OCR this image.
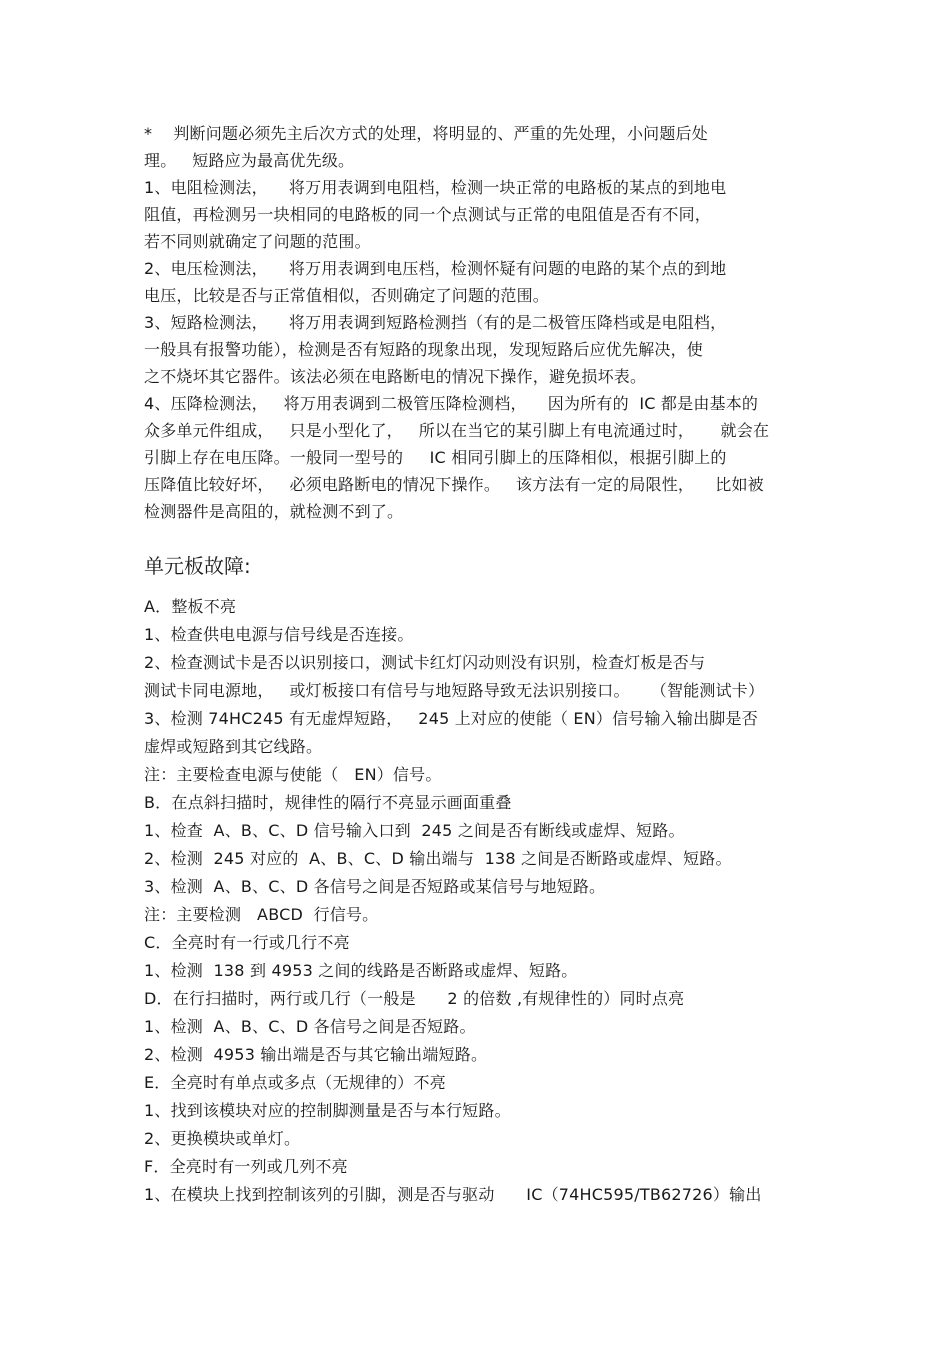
*    判断问题必须先主后次方式的处理，将明显的、严重的先处理，小问题后处
理。   短路应为最高优先级。
1、电阻检测法，    将万用表调到电阻档，检测一块正常的电路板的某点的到地电
阻值，再检测另一块相同的电路板的同一个点测试与正常的电阻值是否有不同，
若不同则就确定了问题的范围。
2、电压检测法，    将万用表调到电压档，检测怀疑有问题的电路的某个点的到地
电压，比较是否与正常值相似，否则确定了问题的范围。
3、短路检测法，    将万用表调到短路检测挡（有的是二极管压降档或是电阻档，
一般具有报警功能），检测是否有短路的现象出现，发现短路后应优先解决，使
之不烧坏其它器件。该法必须在电路断电的情况下操作，避免损坏表。
4、压降检测法，   将万用表调到二极管压降检测档，    因为所有的  IC 都是由基本的
众多单元件组成，   只是小型化了，   所以在当它的某引脚上有电流通过时，     就会在
引脚上存在电压降。一般同一型号的     IC 相同引脚上的压降相似，根据引脚上的
压降值比较好坏，   必须电路断电的情况下操作。   该方法有一定的局限性，    比如被
检测器件是高阻的，就检测不到了。
单元板故障:
A．整板不亮
1、检查供电电源与信号线是否连接。
2、检查测试卡是否以识别接口，测试卡红灯闪动则没有识别，检查灯板是否与
测试卡同电源地，   或灯板接口有信号与地短路导致无法识别接口。    （智能测试卡）
3、检测 74HC245 有无虚焊短路，   245 上对应的使能（ EN）信号输入输出脚是否
虚焊或短路到其它线路。
注：主要检查电源与使能（   EN）信号。
B．在点斜扫描时，规律性的隔行不亮显示画面重叠
1、检查  A、B、C、D 信号输入口到  245 之间是否有断线或虚焊、短路。
2、检测  245 对应的  A、B、C、D 输出端与  138 之间是否断路或虚焊、短路。
3、检测  A、B、C、D 各信号之间是否短路或某信号与地短路。
注：主要检测   ABCD  行信号。
C．全亮时有一行或几行不亮
1、检测  138 到 4953 之间的线路是否断路或虚焊、短路。
D．在行扫描时，两行或几行（一般是      2 的倍数 ,有规律性的）同时点亮
1、检测  A、B、C、D 各信号之间是否短路。
2、检测  4953 输出端是否与其它输出端短路。
E．全亮时有单点或多点（无规律的）不亮
1、找到该模块对应的控制脚测量是否与本行短路。
2、更换模块或单灯。
F．全亮时有一列或几列不亮
1、在模块上找到控制该列的引脚，测是否与驱动      IC（74HC595/TB62726）输出
